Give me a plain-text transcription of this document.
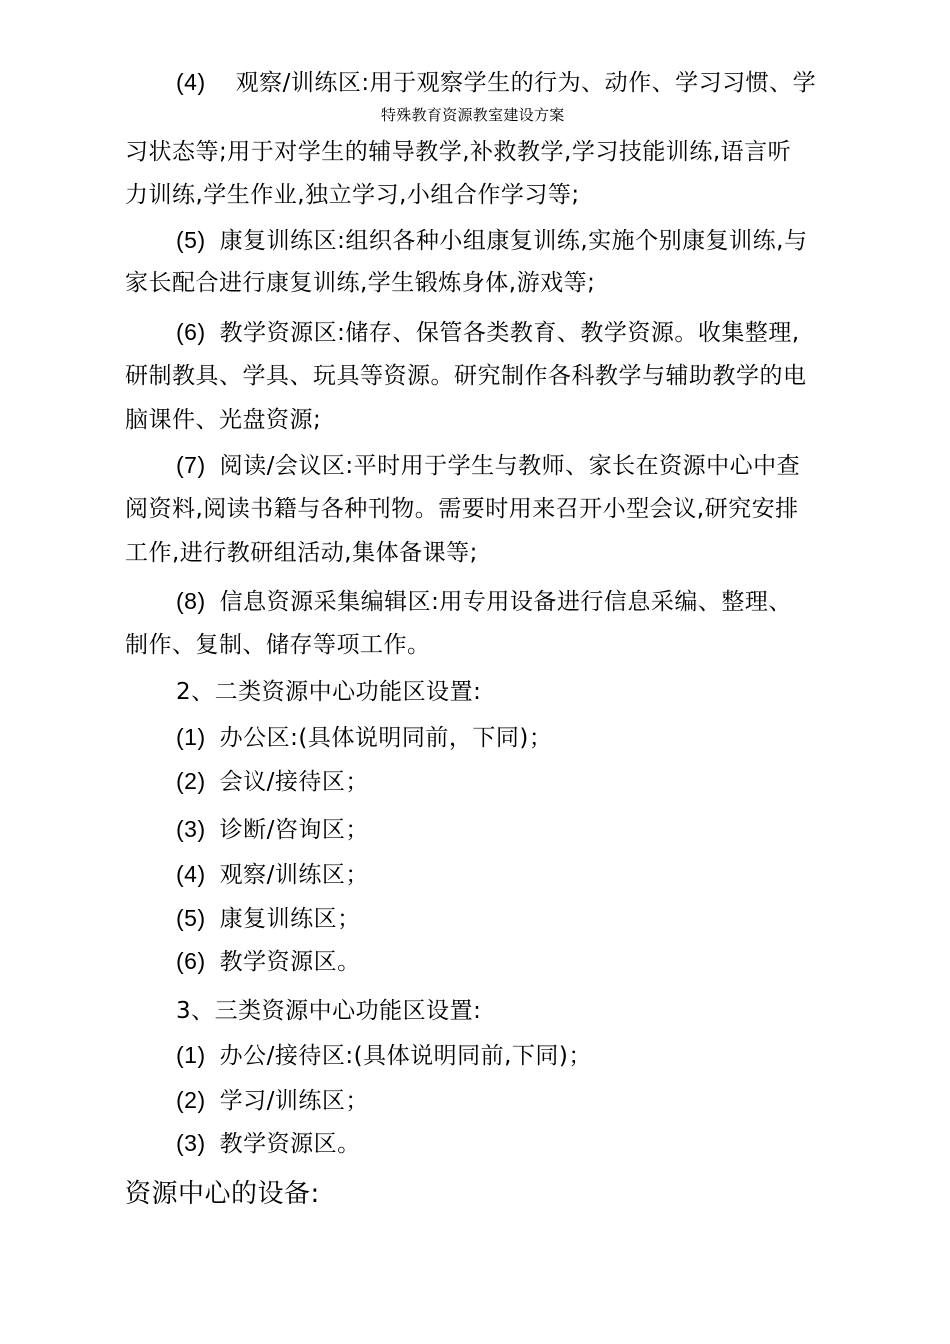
(4) 观察/训练区:用于观察学生的行为、动作、学习习惯、学
特殊教育资源教室建设方案
习状态等;用于对学生的辅导教学,补救教学,学习技能训练,语言听
力训练,学生作业,独立学习,小组合作学习等;
(5) 康复训练区:组织各种小组康复训练,实施个别康复训练,与
家长配合进行康复训练,学生锻炼身体,游戏等;
(6) 教学资源区:储存、保管各类教育、教学资源。收集整理,
研制教具、学具、玩具等资源。研究制作各科教学与辅助教学的电
脑课件、光盘资源;
(7) 阅读/会议区:平时用于学生与教师、家长在资源中心中查
阅资料,阅读书籍与各种刊物。需要时用来召开小型会议,研究安排
工作,进行教研组活动,集体备课等;
(8) 信息资源采集编辑区:用专用设备进行信息采编、整理、
制作、复制、储存等项工作。
2、二类资源中心功能区设置:
(1) 办公区:(具体说明同前，下同)；
(2) 会议/接待区；
(3) 诊断/咨询区；
(4) 观察/训练区；
(5) 康复训练区；
(6) 教学资源区。
3、三类资源中心功能区设置:
(1) 办公/接待区:(具体说明同前,下同)；
(2) 学习/训练区；
(3) 教学资源区。
资源中心的设备:
